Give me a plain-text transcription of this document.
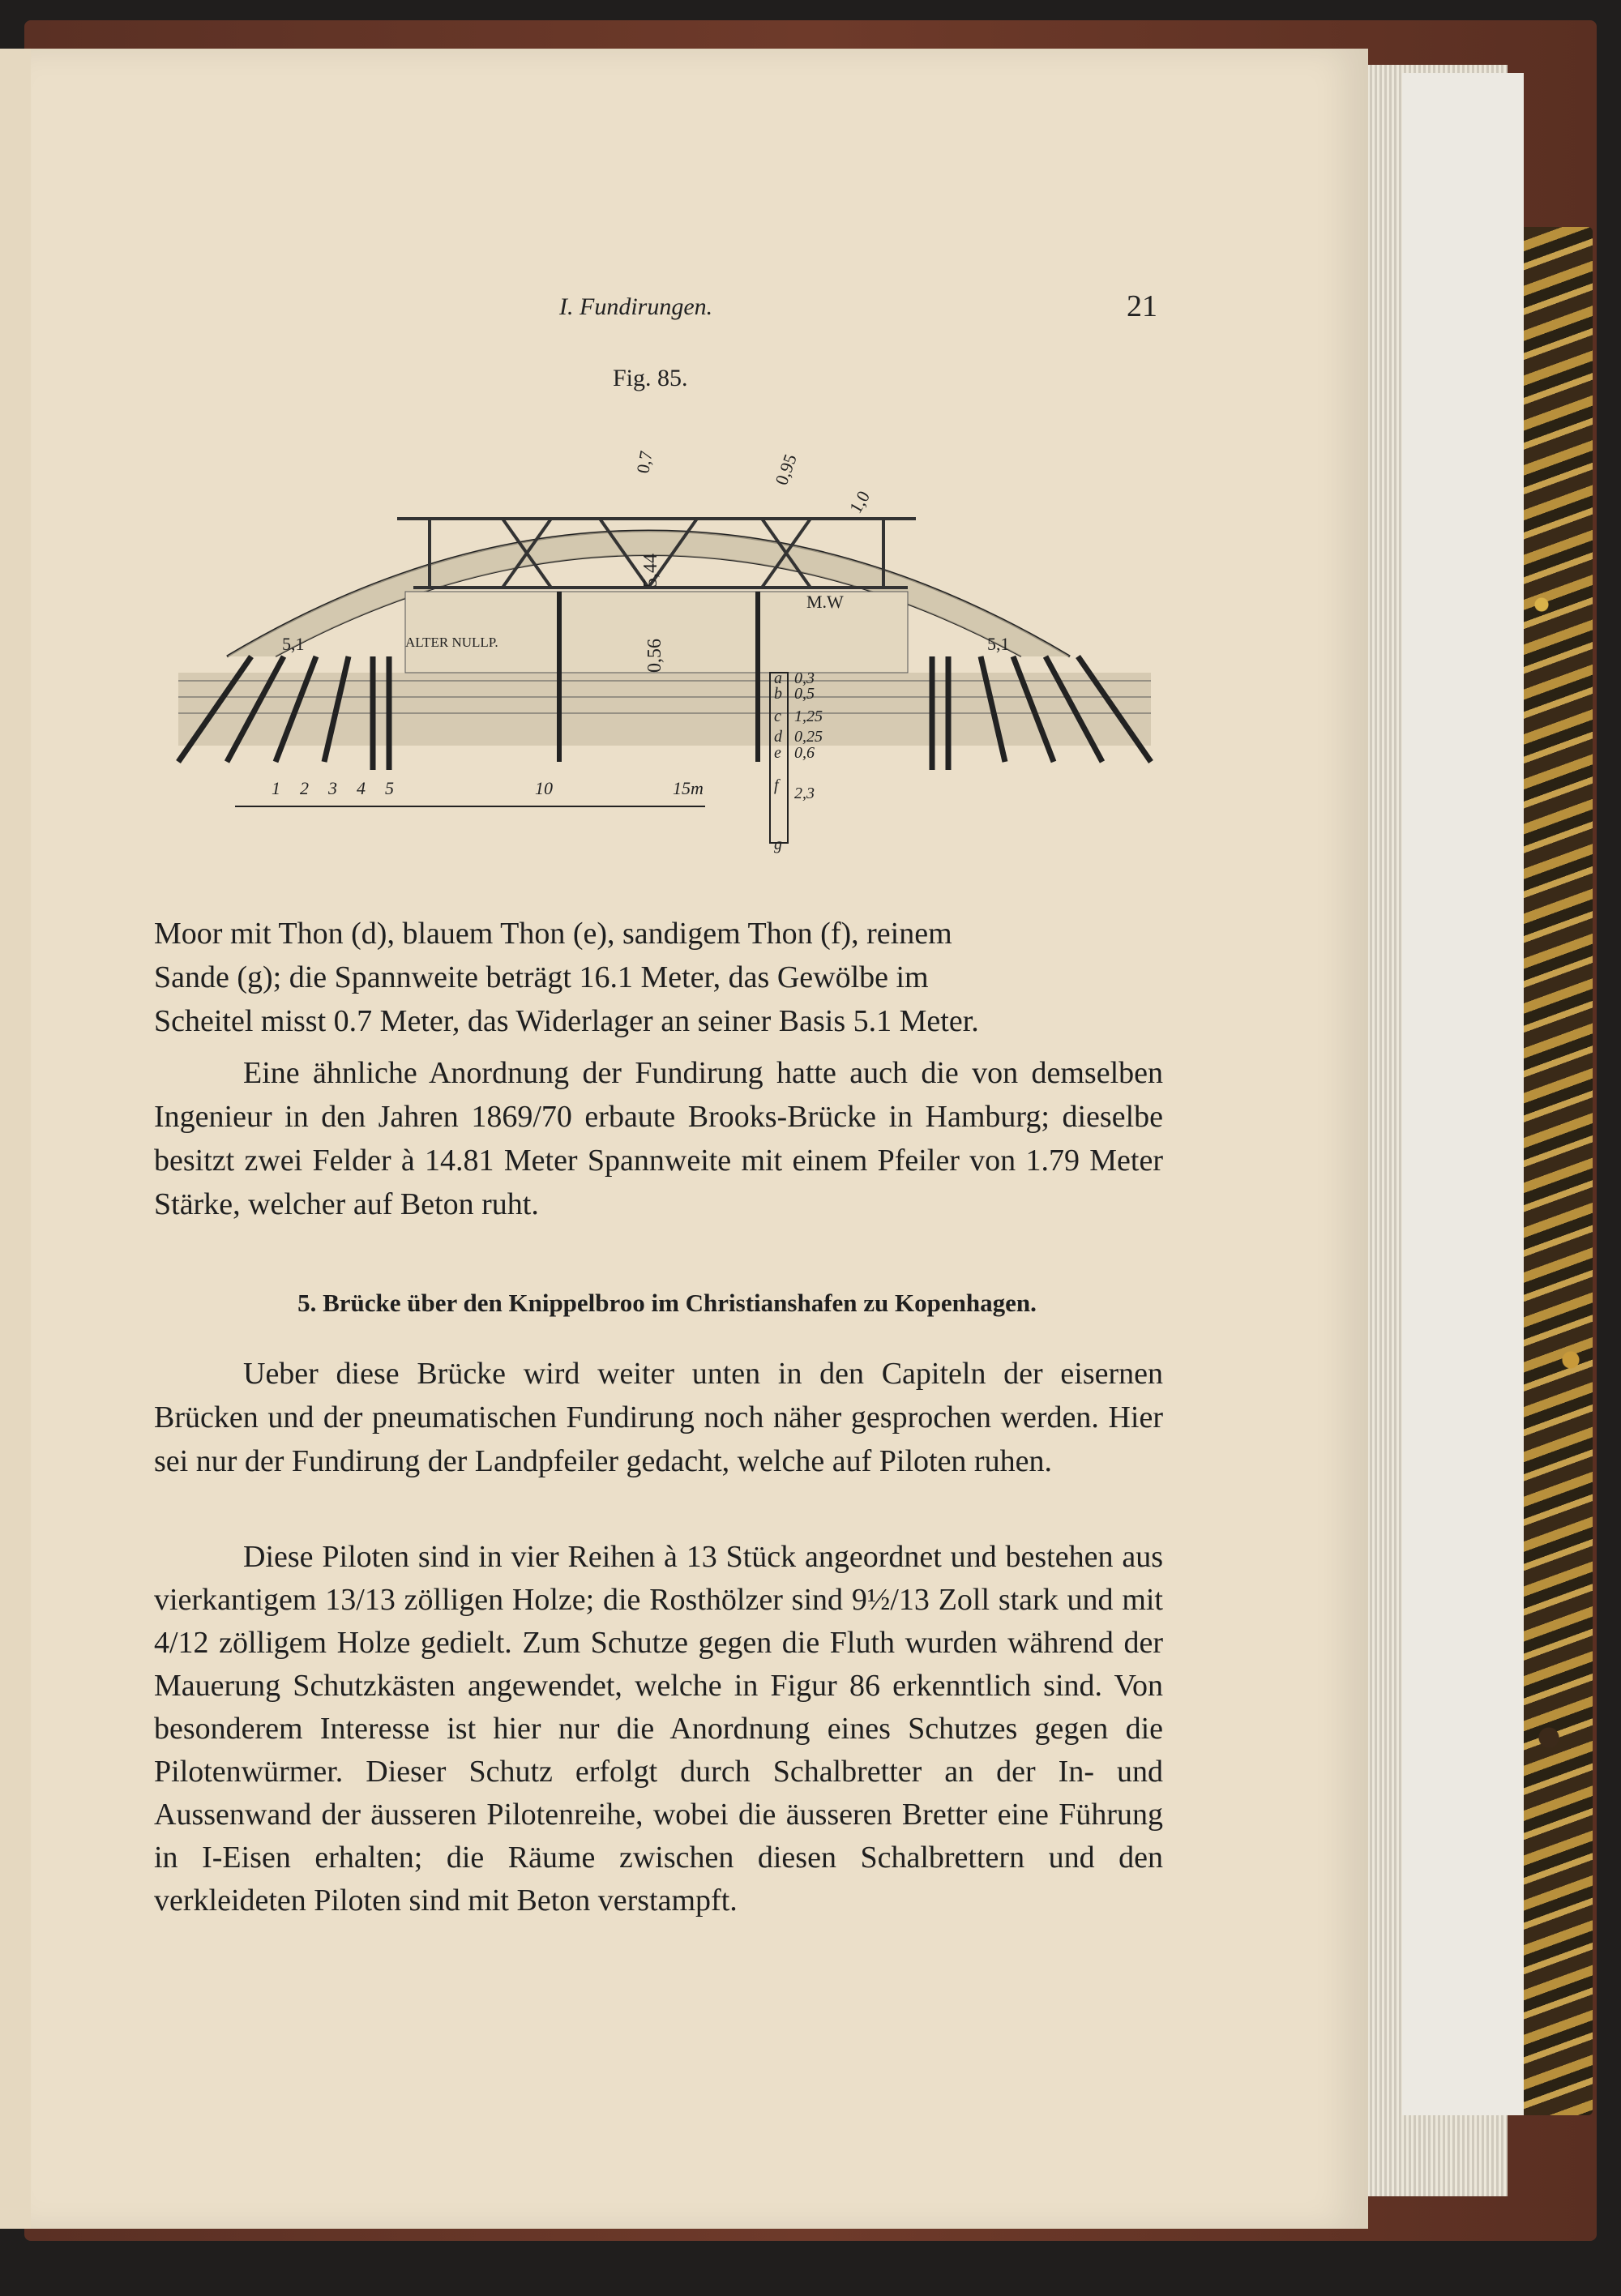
I. Fundirungen.	21
Fig. 85.
0,7	0,95
1,0
5,44
0,56
M.W
ALTER NULLP.
5,1	5,1
1 2 3 4 5	10	15m
a
b
c
d
e
f
g
0,3
0,5
1,25
0,25
0,6
2,3
Moor mit Thon (d), blauem Thon (e), sandigem Thon (f), reinem
Sande (g); die Spannweite beträgt 16.1 Meter, das Gewölbe im
Scheitel misst 0.7 Meter, das Widerlager an seiner Basis 5.1 Meter.
Eine ähnliche Anordnung der Fundirung hatte auch die von demselben Ingenieur in den Jahren 1869/70 erbaute Brooks-Brücke in Hamburg; dieselbe besitzt zwei Felder à 14.81 Meter Spannweite mit einem Pfeiler von 1.79 Meter Stärke, welcher auf Beton ruht.
5. Brücke über den Knippelbroo im Christianshafen zu Kopenhagen.
Ueber diese Brücke wird weiter unten in den Capiteln der eisernen Brücken und der pneumatischen Fundirung noch näher gesprochen werden. Hier sei nur der Fundirung der Landpfeiler gedacht, welche auf Piloten ruhen.
Diese Piloten sind in vier Reihen à 13 Stück angeordnet und bestehen aus vierkantigem 13/13 zölligen Holze; die Rosthölzer sind 9½/13 Zoll stark und mit 4/12 zölligem Holze gedielt. Zum Schutze gegen die Fluth wurden während der Mauerung Schutzkästen angewendet, welche in Figur 86 erkenntlich sind. Von besonderem Interesse ist hier nur die Anordnung eines Schutzes gegen die Pilotenwürmer. Dieser Schutz erfolgt durch Schalbretter an der In- und Aussenwand der äusseren Pilotenreihe, wobei die äusseren Bretter eine Führung in I-Eisen erhalten; die Räume zwischen diesen Schalbrettern und den verkleideten Piloten sind mit Beton verstampft.
